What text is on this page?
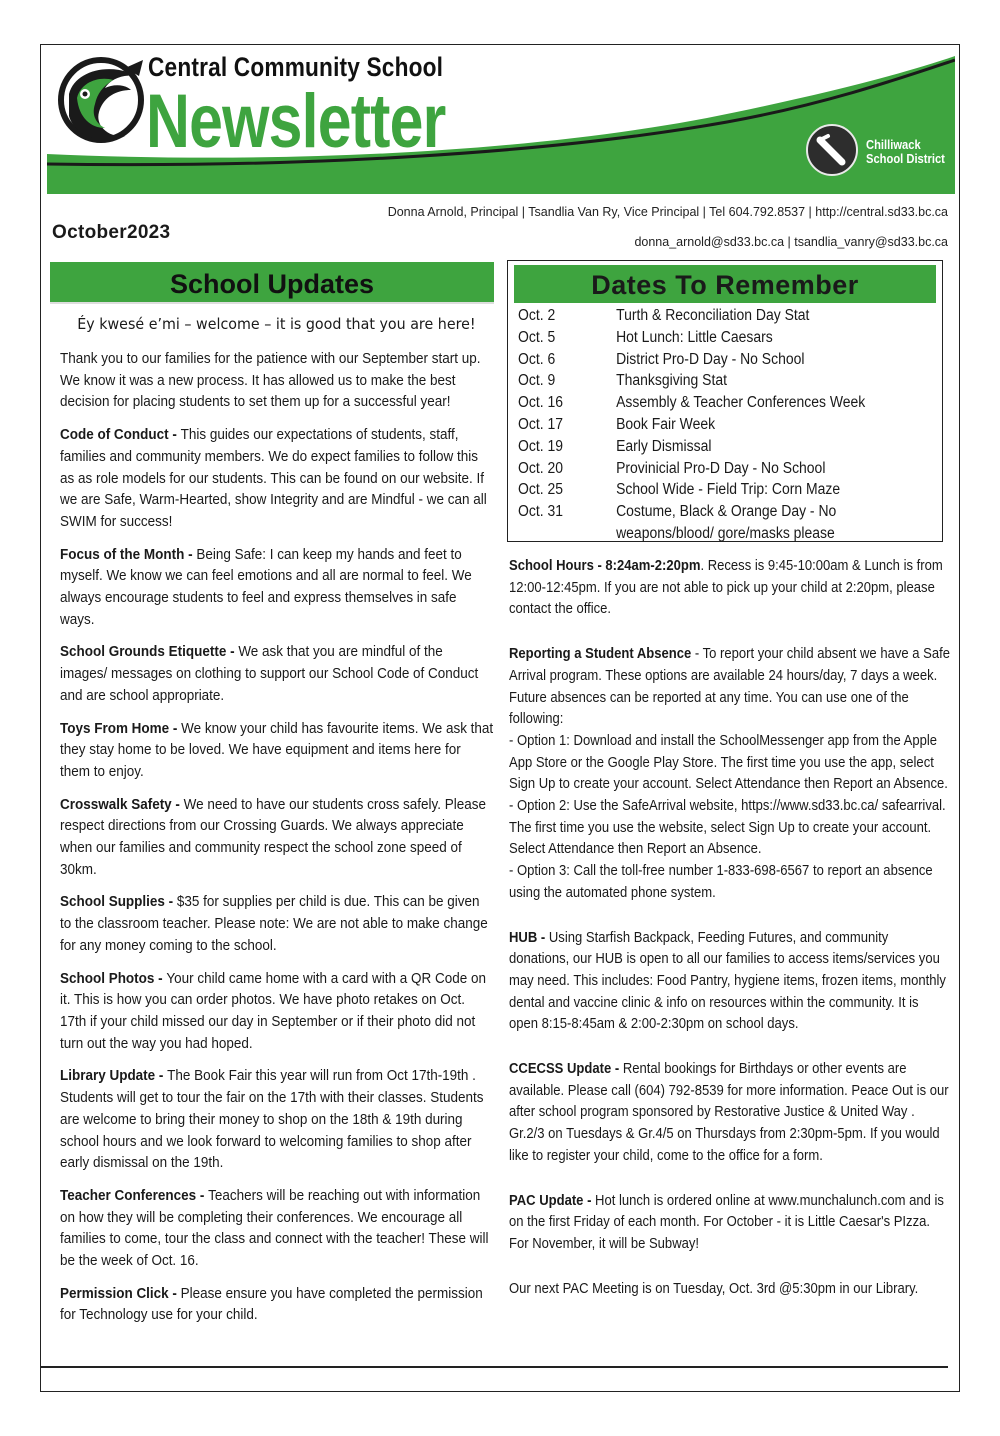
Central Community School
Newsletter	Chilliwack
School District
Donna Arnold, Principal | Tsandlia Van Ry, Vice Principal | Tel 604.792.8537 | http://central.sd33.bc.ca
October2023	donna_arnold@sd33.bc.ca | tsandlia_vanry@sd33.bc.ca
School Updates
Éy kwesé e’mi – welcome – it is good that you are here!

Thank you to our families for the patience with our September start up. We know it was a new process. It has allowed us to make the best decision for placing students to set them up for a successful year!

Code of Conduct - This guides our expectations of students, staff, families and community members. We do expect families to follow this as as role models for our students. This can be found on our website. If we are Safe, Warm-Hearted, show Integrity and are Mindful - we can all SWIM for success!

Focus of the Month - Being Safe: I can keep my hands and feet to myself. We know we can feel emotions and all are normal to feel. We always encourage students to feel and express themselves in safe ways.

School Grounds Etiquette - We ask that you are mindful of the images/ messages on clothing to support our School Code of Conduct and are school appropriate.

Toys From Home - We know your child has favourite items. We ask that they stay home to be loved. We have equipment and items here for them to enjoy.

Crosswalk Safety - We need to have our students cross safely. Please respect directions from our Crossing Guards. We always appreciate when our families and community respect the school zone speed of 30km.

School Supplies - $35 for supplies per child is due. This can be given to the classroom teacher. Please note: We are not able to make change for any money coming to the school.

School Photos - Your child came home with a card with a QR Code on it. This is how you can order photos. We have photo retakes on Oct. 17th if your child missed our day in September or if their photo did not turn out the way you had hoped.

Library Update - The Book Fair this year will run from Oct 17th-19th . Students will get to tour the fair on the 17th with their classes. Students are welcome to bring their money to shop on the 18th & 19th during school hours and we look forward to welcoming families to shop after early dismissal on the 19th.

Teacher Conferences - Teachers will be reaching out with information on how they will be completing their conferences. We encourage all families to come, tour the class and connect with the teacher! These will be the week of Oct. 16.

Permission Click - Please ensure you have completed the permission for Technology use for your child.

Dates To Remember
Oct. 2	Turth & Reconciliation Day Stat
Oct. 5	Hot Lunch: Little Caesars
Oct. 6	District Pro-D Day - No School
Oct. 9	Thanksgiving Stat
Oct. 16	Assembly & Teacher Conferences Week
Oct. 17	Book Fair Week
Oct. 19	Early Dismissal
Oct. 20	Provinicial Pro-D Day - No School
Oct. 25	School Wide - Field Trip: Corn Maze
Oct. 31	Costume, Black & Orange Day - No weapons/blood/ gore/masks please

School Hours - 8:24am-2:20pm. Recess is 9:45-10:00am & Lunch is from 12:00-12:45pm. If you are not able to pick up your child at 2:20pm, please contact the office.

Reporting a Student Absence - To report your child absent we have a Safe Arrival program. These options are available 24 hours/day, 7 days a week. Future absences can be reported at any time. You can use one of the following:

- Option 1: Download and install the SchoolMessenger app from the Apple App Store or the Google Play Store. The first time you use the app, select Sign Up to create your account. Select Attendance then Report an Absence.

- Option 2: Use the SafeArrival website, https://www.sd33.bc.ca/ safearrival. The first time you use the website, select Sign Up to create your account. Select Attendance then Report an Absence.

- Option 3: Call the toll-free number 1-833-698-6567 to report an absence using the automated phone system.

HUB - Using Starfish Backpack, Feeding Futures, and community donations, our HUB is open to all our families to access items/services you may need. This includes: Food Pantry, hygiene items, frozen items, monthly dental and vaccine clinic & info on resources within the community. It is open 8:15-8:45am & 2:00-2:30pm on school days.

CCECSS Update - Rental bookings for Birthdays or other events are available. Please call (604) 792-8539 for more information. Peace Out is our after school program sponsored by Restorative Justice & United Way . Gr.2/3 on Tuesdays & Gr.4/5 on Thursdays from 2:30pm-5pm. If you would like to register your child, come to the office for a form.

PAC Update - Hot lunch is ordered online at www.munchalunch.com and is on the first Friday of each month. For October - it is Little Caesar's PIzza. For November, it will be Subway!

Our next PAC Meeting is on Tuesday, Oct. 3rd @5:30pm in our Library.
